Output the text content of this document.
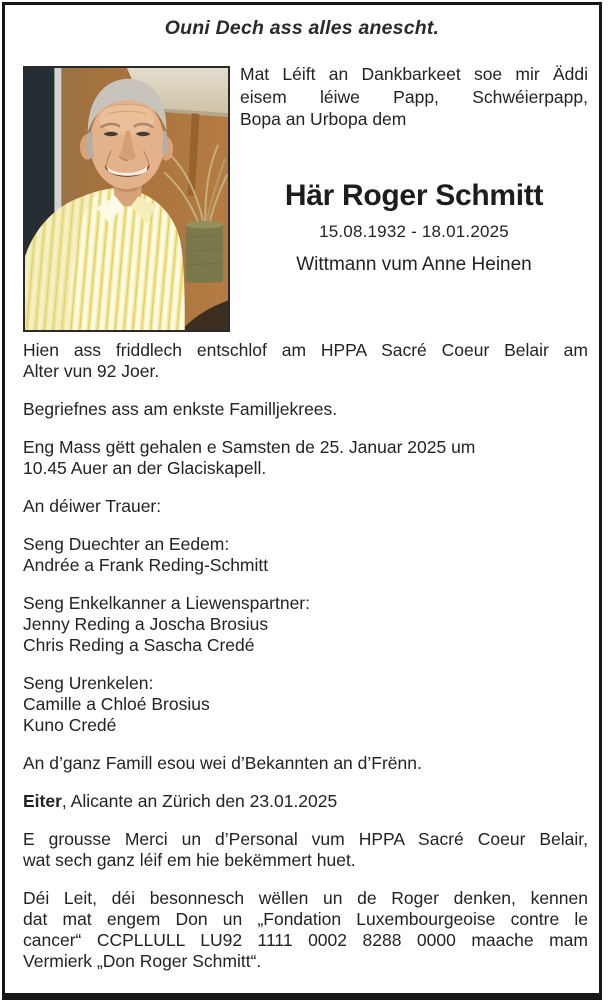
Ouni Dech ass alles anescht.
Mat Léift an Dankbarkeet soe mir Äddi
eisem léiwe Papp, Schwéierpapp,
Bopa an Urbopa dem
Här Roger Schmitt
15.08.1932 - 18.01.2025
Wittmann vum Anne Heinen
Hien ass friddlech entschlof am HPPA Sacré Coeur Belair am
Alter vun 92 Joer.
Begriefnes ass am enkste Familljekrees.
Eng Mass gëtt gehalen e Samsten de 25. Januar 2025 um
10.45 Auer an der Glaciskapell.
An déiwer Trauer:
Seng Duechter an Eedem:
Andrée a Frank Reding-Schmitt
Seng Enkelkanner a Liewenspartner:
Jenny Reding a Joscha Brosius
Chris Reding a Sascha Credé
Seng Urenkelen:
Camille a Chloé Brosius
Kuno Credé
An d’ganz Famill esou wei d’Bekannten an d’Frënn.

Eiter, Alicante an Zürich den 23.01.2025

E grousse Merci un d’Personal vum HPPA Sacré Coeur Belair,
wat sech ganz léif em hie bekëmmert huet.
Déi Leit, déi besonnesch wëllen un de Roger denken, kennen
dat mat engem Don un „Fondation Luxembourgeoise contre le
cancer“ CCPLLULL LU92 1111 0002 8288 0000 maache mam
Vermierk „Don Roger Schmitt“.
